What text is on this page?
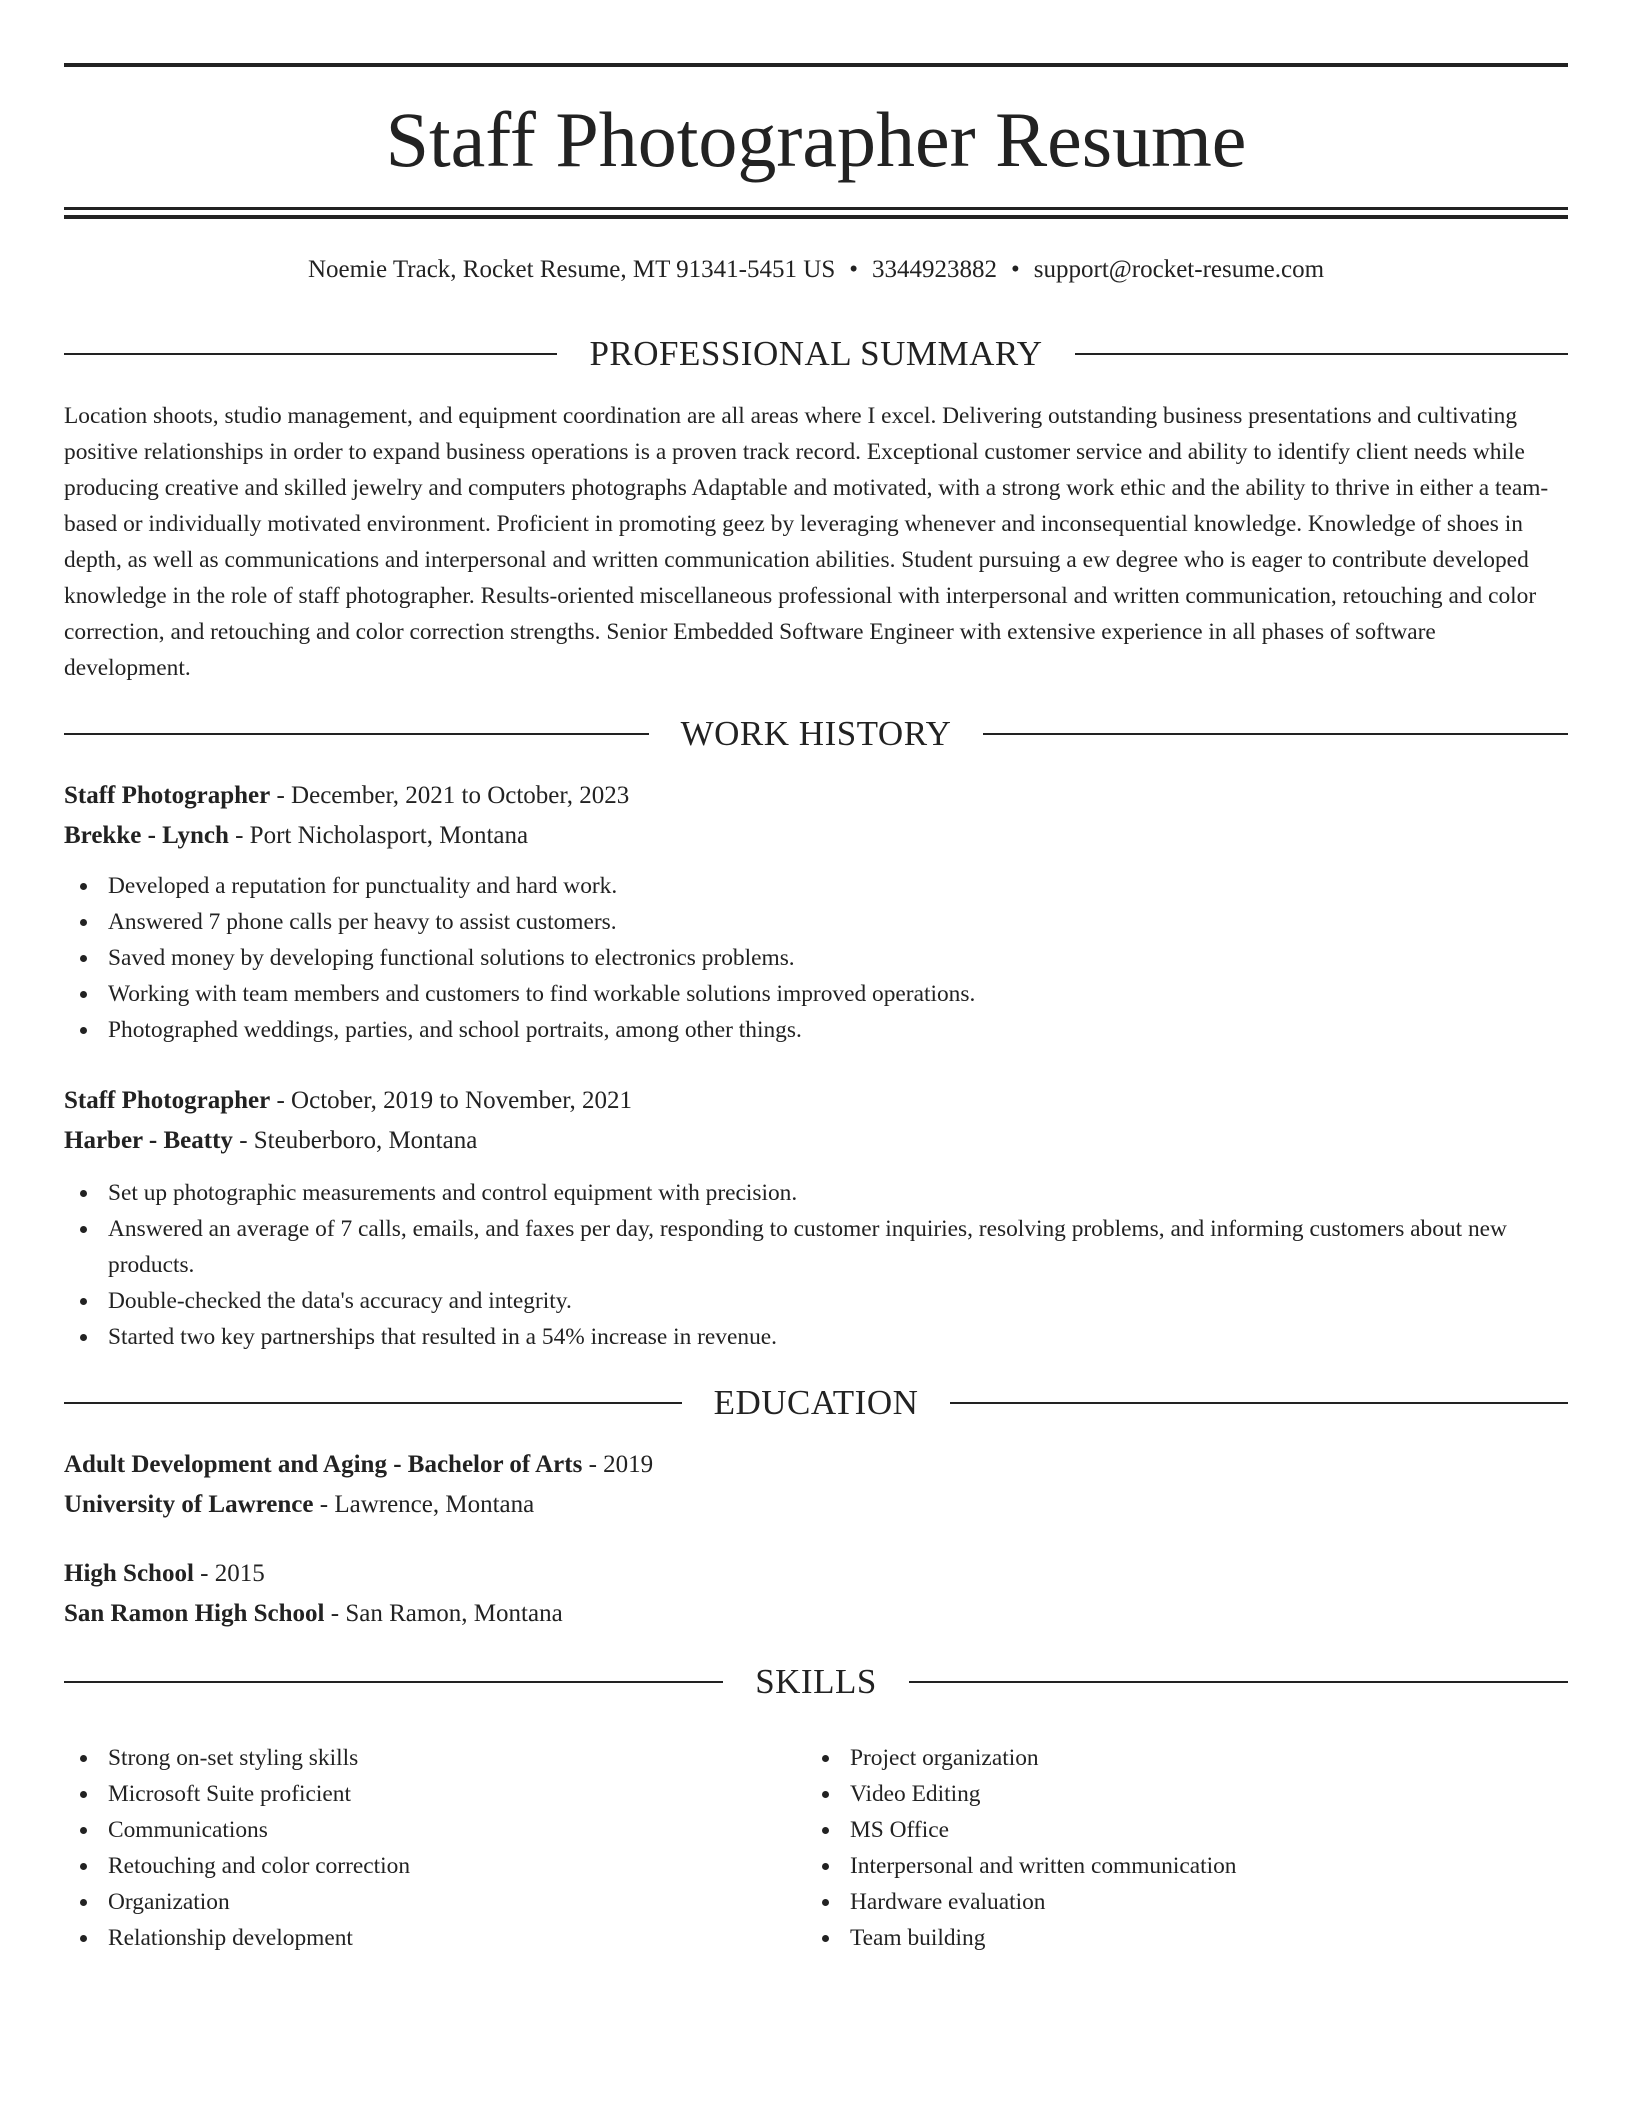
Staff Photographer Resume
Noemie Track, Rocket Resume, MT 91341-5451 US • 3344923882 • support@rocket-resume.com
PROFESSIONAL SUMMARY

Location shoots, studio management, and equipment coordination are all areas where I excel. Delivering outstanding business presentations and cultivating positive relationships in order to expand business operations is a proven track record. Exceptional customer service and ability to identify client needs while producing creative and skilled jewelry and computers photographs Adaptable and motivated, with a strong work ethic and the ability to thrive in either a team-based or individually motivated environment. Proficient in promoting geez by leveraging whenever and inconsequential knowledge. Knowledge of shoes in depth, as well as communications and interpersonal and written communication abilities. Student pursuing a ew degree who is eager to contribute developed knowledge in the role of staff photographer. Results-oriented miscellaneous professional with interpersonal and written communication, retouching and color correction, and retouching and color correction strengths. Senior Embedded Software Engineer with extensive experience in all phases of software development.

WORK HISTORY
Staff Photographer - December, 2021 to October, 2023
Brekke - Lynch - Port Nicholasport, Montana
Developed a reputation for punctuality and hard work.
Answered 7 phone calls per heavy to assist customers.
Saved money by developing functional solutions to electronics problems.
Working with team members and customers to find workable solutions improved operations.
Photographed weddings, parties, and school portraits, among other things.
Staff Photographer - October, 2019 to November, 2021
Harber - Beatty - Steuberboro, Montana
Set up photographic measurements and control equipment with precision.
Answered an average of 7 calls, emails, and faxes per day, responding to customer inquiries, resolving problems, and informing customers about new products.
Double-checked the data's accuracy and integrity.
Started two key partnerships that resulted in a 54% increase in revenue.
EDUCATION
Adult Development and Aging - Bachelor of Arts - 2019
University of Lawrence - Lawrence, Montana
High School - 2015
San Ramon High School - San Ramon, Montana
SKILLS
Strong on-set styling skills
Microsoft Suite proficient
Communications
Retouching and color correction
Organization
Relationship development
Project organization
Video Editing
MS Office
Interpersonal and written communication
Hardware evaluation
Team building
